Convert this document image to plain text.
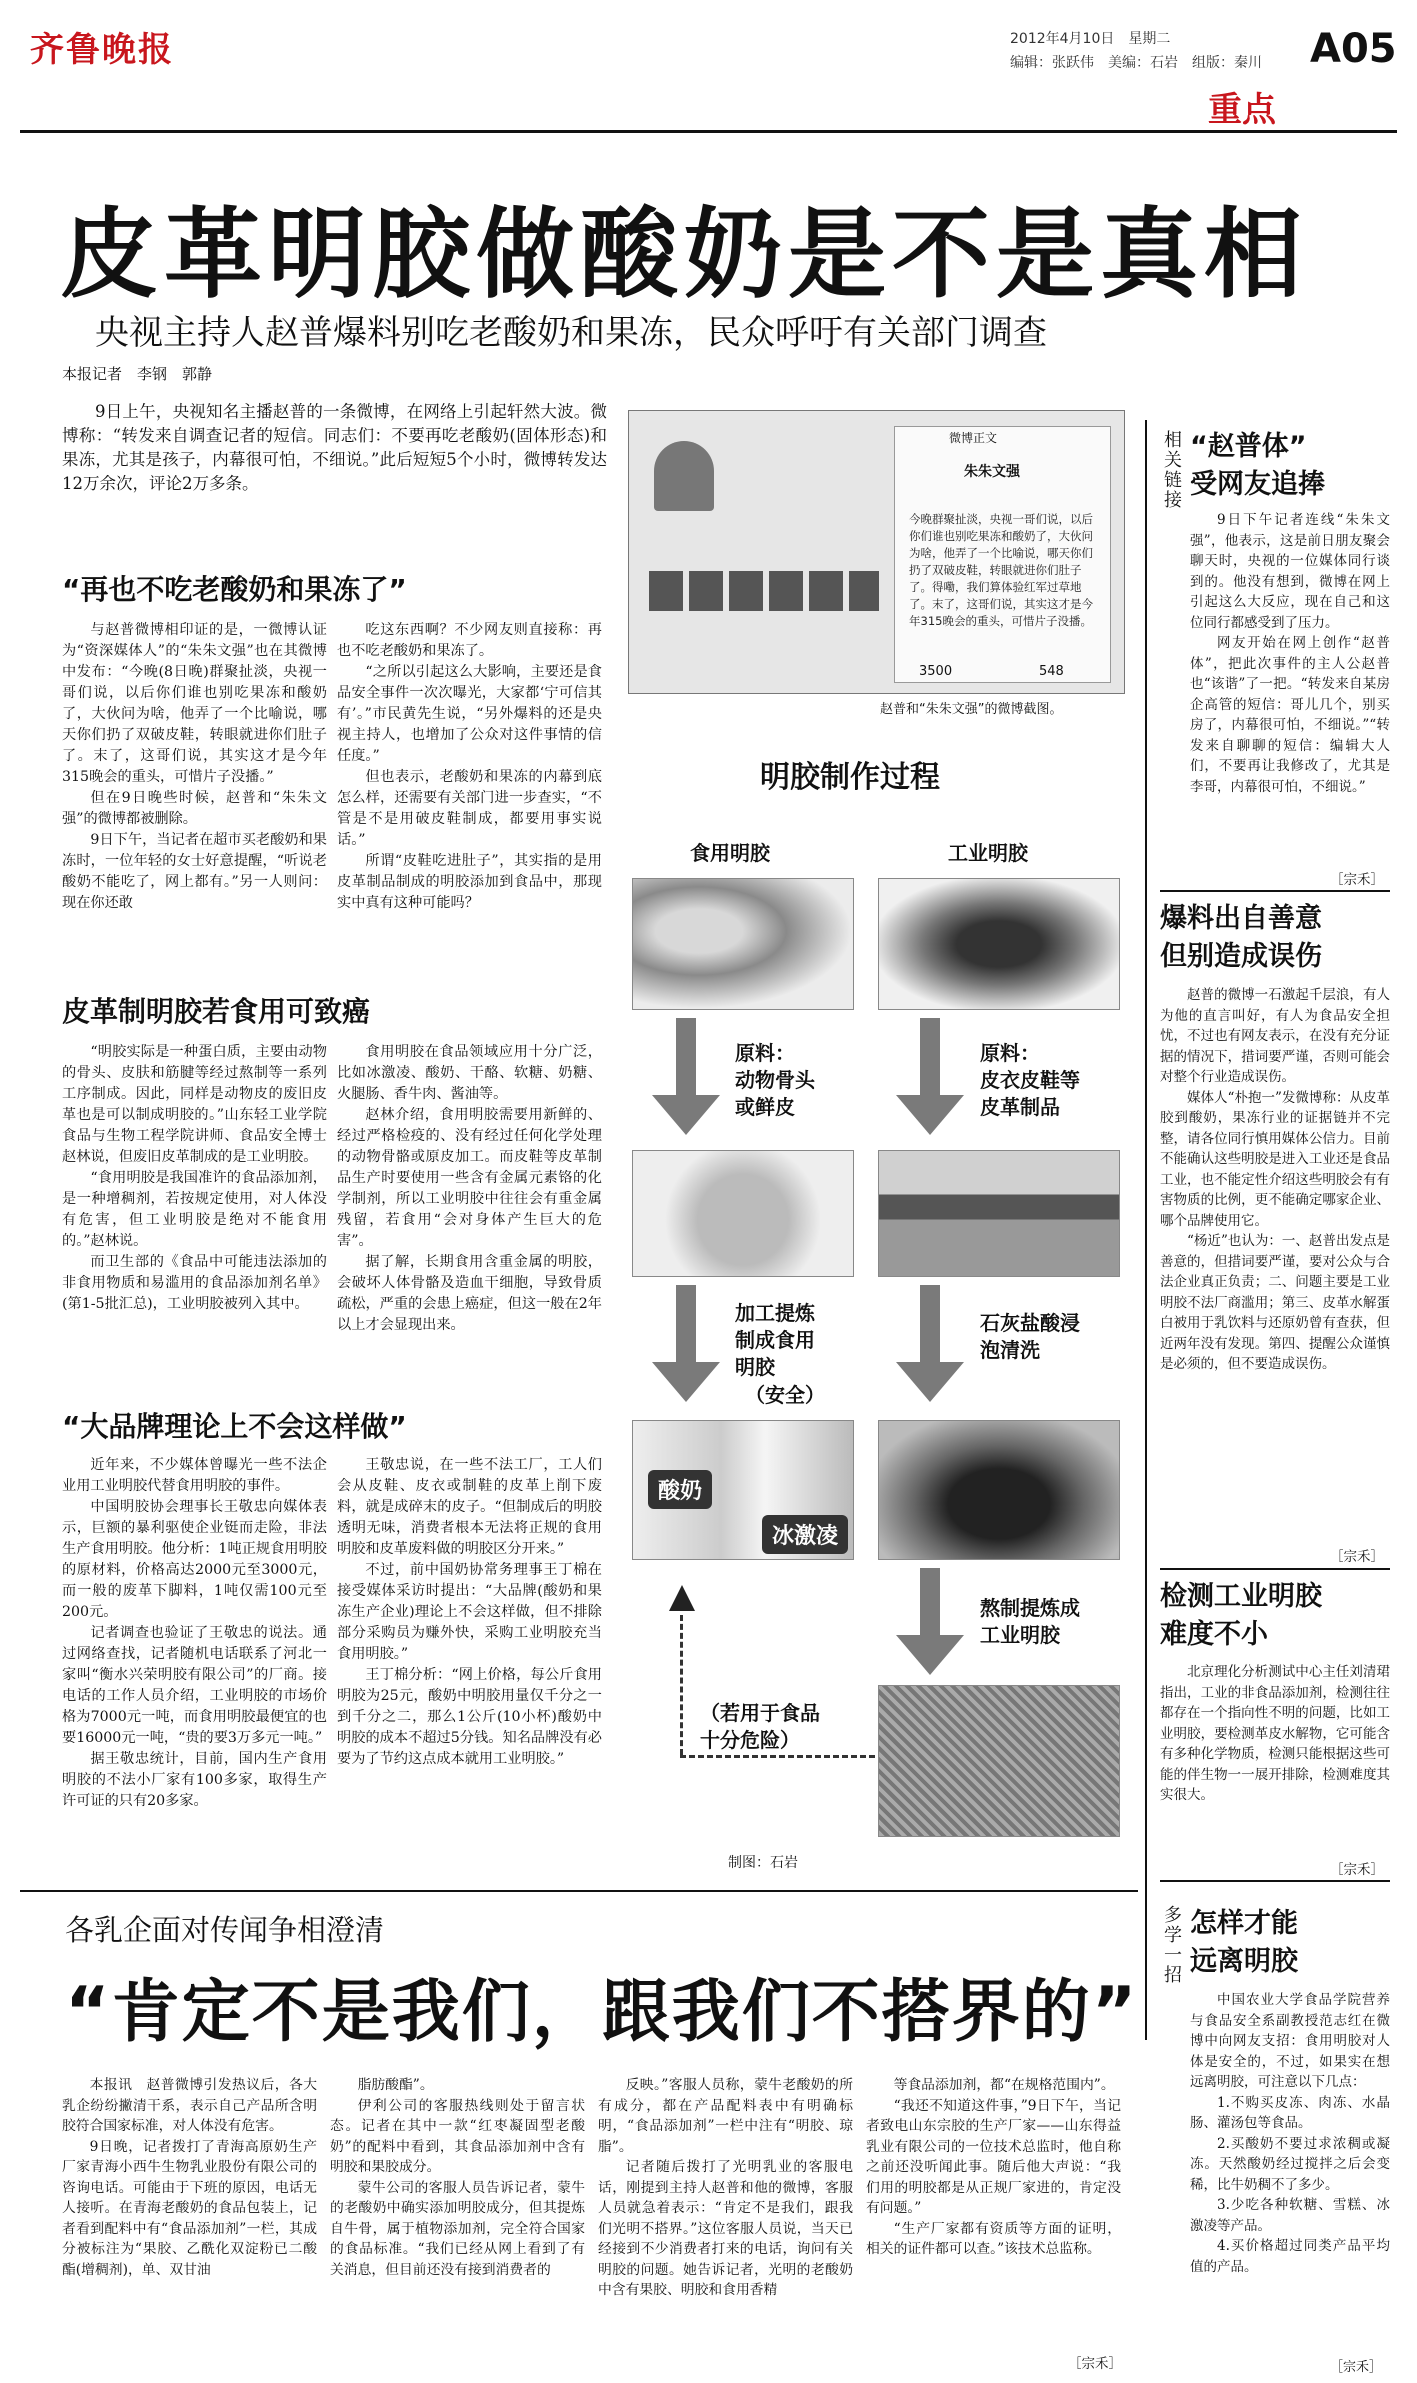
齐鲁晚报	2012年4月10日　星期二
编辑：张跃伟　美编：石岩　组版：秦川 A05
重点
皮革明胶做酸奶是不是真相
央视主持人赵普爆料别吃老酸奶和果冻，民众呼吁有关部门调查
本报记者　李钢　郭静

9日上午，央视知名主播赵普的一条微博，在网络上引起轩然大波。微博称：“转发来自调查记者的短信。同志们：不要再吃老酸奶(固体形态)和果冻，尤其是孩子，内幕很可怕，不细说。”此后短短5个小时，微博转发达12万余次，评论2万多条。

“再也不吃老酸奶和果冻了”

与赵普微博相印证的是，一微博认证为“资深媒体人”的“朱朱文强”也在其微博中发布：“今晚(8日晚)群聚扯淡，央视一哥们说，以后你们谁也别吃果冻和酸奶了，大伙问为啥，他弄了一个比喻说，哪天你们扔了双破皮鞋，转眼就进你们肚子了。末了，这哥们说，其实这才是今年315晚会的重头，可惜片子没播。”

但在9日晚些时候，赵普和“朱朱文强”的微博都被删除。

9日下午，当记者在超市买老酸奶和果冻时，一位年轻的女士好意提醒，“听说老酸奶不能吃了，网上都有。”另一人则问：现在你还敢

吃这东西啊？不少网友则直接称：再也不吃老酸奶和果冻了。

“之所以引起这么大影响，主要还是食品安全事件一次次曝光，大家都‘宁可信其有’。”市民黄先生说，“另外爆料的还是央视主持人，也增加了公众对这件事情的信任度。”

但也表示，老酸奶和果冻的内幕到底怎么样，还需要有关部门进一步查实，“不管是不是用破皮鞋制成，都要用事实说话。”

所谓“皮鞋吃进肚子”，其实指的是用皮革制品制成的明胶添加到食品中，那现实中真有这种可能吗？

皮革制明胶若食用可致癌

“明胶实际是一种蛋白质，主要由动物的骨头、皮肤和筋腱等经过熬制等一系列工序制成。因此，同样是动物皮的废旧皮革也是可以制成明胶的。”山东轻工业学院食品与生物工程学院讲师、食品安全博士赵林说，但废旧皮革制成的是工业明胶。

“食用明胶是我国准许的食品添加剂，是一种增稠剂，若按规定使用，对人体没有危害，但工业明胶是绝对不能食用的。”赵林说。

而卫生部的《食品中可能违法添加的非食用物质和易滥用的食品添加剂名单》(第1-5批汇总)，工业明胶被列入其中。

食用明胶在食品领域应用十分广泛，比如冰激凌、酸奶、干酪、软糖、奶糖、火腿肠、香牛肉、酱油等。

赵林介绍，食用明胶需要用新鲜的、经过严格检疫的、没有经过任何化学处理的动物骨骼或原皮加工。而皮鞋等皮革制品生产时要使用一些含有金属元素铬的化学制剂，所以工业明胶中往往会有重金属残留，若食用“会对身体产生巨大的危害”。

据了解，长期食用含重金属的明胶，会破坏人体骨骼及造血干细胞，导致骨质疏松，严重的会患上癌症，但这一般在2年以上才会显现出来。

“大品牌理论上不会这样做”

近年来，不少媒体曾曝光一些不法企业用工业明胶代替食用明胶的事件。

中国明胶协会理事长王敬忠向媒体表示，巨额的暴利驱使企业铤而走险，非法生产食用明胶。他分析：1吨正规食用明胶的原材料，价格高达2000元至3000元，而一般的废革下脚料，1吨仅需100元至200元。

记者调查也验证了王敬忠的说法。通过网络查找，记者随机电话联系了河北一家叫“衡水兴荣明胶有限公司”的厂商。接电话的工作人员介绍，工业明胶的市场价格为7000元一吨，而食用明胶最便宜的也要16000元一吨，“贵的要3万多元一吨。”

据王敬忠统计，目前，国内生产食用明胶的不法小厂家有100多家，取得生产许可证的只有20多家。

王敬忠说，在一些不法工厂，工人们会从皮鞋、皮衣或制鞋的皮革上削下废料，就是成碎末的皮子。“但制成后的明胶透明无味，消费者根本无法将正规的食用明胶和皮革废料做的明胶区分开来。”

不过，前中国奶协常务理事王丁棉在接受媒体采访时提出：“大品牌(酸奶和果冻生产企业)理论上不会这样做，但不排除部分采购员为赚外快，采购工业明胶充当食用明胶。”

王丁棉分析：“网上价格，每公斤食用明胶为25元，酸奶中明胶用量仅千分之一到千分之二，那么1公斤(10小杯)酸奶中明胶的成本不超过5分钱。知名品牌没有必要为了节约这点成本就用工业明胶。”

微博正文
朱朱文强
今晚群聚扯淡，央视一哥们说，以后你们谁也别吃果冻和酸奶了，大伙问为啥，他弄了一个比喻说，哪天你们扔了双破皮鞋，转眼就进你们肚子了。得嘞，我们算体验红军过草地了。末了，这哥们说，其实这才是今年315晚会的重头，可惜片子没播。
3500	548
赵普和“朱朱文强”的微博截图。
明胶制作过程
食用明胶	工业明胶
原料：
动物骨头
或鲜皮
原料：
皮衣皮鞋等
皮革制品
加工提炼
制成食用
明胶
（安全）
石灰盐酸浸
泡清洗
酸奶
冰激凌
熬制提炼成
工业明胶
（若用于食品
十分危险）
制图：石岩
相关链接 “赵普体”
受网友追捧

9日下午记者连线“朱朱文强”，他表示，这是前日朋友聚会聊天时，央视的一位媒体同行谈到的。他没有想到，微博在网上引起这么大反应，现在自己和这位同行都感受到了压力。

网友开始在网上创作“赵普体”，把此次事件的主人公赵普也“该谐”了一把。“转发来自某房企高管的短信：哥儿几个，别买房了，内幕很可怕，不细说。”“转发来自聊聊的短信：编辑大人们，不要再让我修改了，尤其是李哥，内幕很可怕，不细说。”

［宗禾］
爆料出自善意
但别造成误伤

赵普的微博一石激起千层浪，有人为他的直言叫好，有人为食品安全担忧，不过也有网友表示，在没有充分证据的情况下，措词要严谨，否则可能会对整个行业造成误伤。

媒体人“朴抱一”发微博称：从皮革胶到酸奶，果冻行业的证据链并不完整，请各位同行慎用媒体公信力。目前不能确认这些明胶是进入工业还是食品工业，也不能定性介绍这些明胶会有有害物质的比例，更不能确定哪家企业、哪个品牌使用它。

“杨近”也认为：一、赵普出发点是善意的，但措词要严谨，要对公众与合法企业真正负责；二、问题主要是工业明胶不法厂商滥用；第三、皮革水解蛋白被用于乳饮料与还原奶曾有查获，但近两年没有发现。第四、提醒公众谨慎是必须的，但不要造成误伤。

［宗禾］
检测工业明胶
难度不小

北京理化分析测试中心主任刘清珺指出，工业的非食品添加剂，检测往往都存在一个指向性不明的问题，比如工业明胶，要检测革皮水解物，它可能含有多种化学物质，检测只能根据这些可能的伴生物一一展开排除，检测难度其实很大。

［宗禾］
多学一招 怎样才能
远离明胶

中国农业大学食品学院营养与食品安全系副教授范志红在微博中向网友支招：食用明胶对人体是安全的，不过，如果实在想远离明胶，可注意以下几点：

1.不购买皮冻、肉冻、水晶肠、灌汤包等食品。

2.买酸奶不要过求浓稠或凝冻。天然酸奶经过搅拌之后会变稀，比牛奶稠不了多少。

3.少吃各种软糖、雪糕、冰激凌等产品。

4.买价格超过同类产品平均值的产品。

［宗禾］
各乳企面对传闻争相澄清
“肯定不是我们，跟我们不搭界的”

本报讯　赵普微博引发热议后，各大乳企纷纷撇清干系，表示自己产品所含明胶符合国家标准，对人体没有危害。

9日晚，记者拨打了青海高原奶生产厂家青海小西牛生物乳业股份有限公司的咨询电话。可能由于下班的原因，电话无人接听。在青海老酸奶的食品包装上，记者看到配料中有“食品添加剂”一栏，其成分被标注为“果胶、乙酰化双淀粉已二酸酯(增稠剂)，单、双甘油

脂肪酸酯”。

伊利公司的客服热线则处于留言状态。记者在其中一款“红枣凝固型老酸奶”的配料中看到，其食品添加剂中含有明胶和果胶成分。

蒙牛公司的客服人员告诉记者，蒙牛的老酸奶中确实添加明胶成分，但其提炼自牛骨，属于植物添加剂，完全符合国家的食品标准。“我们已经从网上看到了有关消息，但目前还没有接到消费者的

反映。”客服人员称，蒙牛老酸奶的所有成分，都在产品配料表中有明确标明，“食品添加剂”一栏中注有“明胶、琼脂”。

记者随后拨打了光明乳业的客服电话，刚提到主持人赵普和他的微博，客服人员就急着表示：“肯定不是我们，跟我们光明不搭界。”这位客服人员说，当天已经接到不少消费者打来的电话，询问有关明胶的问题。她告诉记者，光明的老酸奶中含有果胶、明胶和食用香精

等食品添加剂，都“在规格范围内”。

“我还不知道这件事，”9日下午，当记者致电山东宗胶的生产厂家——山东得益乳业有限公司的一位技术总监时，他自称之前还没听闻此事。随后他大声说：“我们用的明胶都是从正规厂家进的，肯定没有问题。”

“生产厂家都有资质等方面的证明，相关的证件都可以查。”该技术总监称。

［宗禾］
